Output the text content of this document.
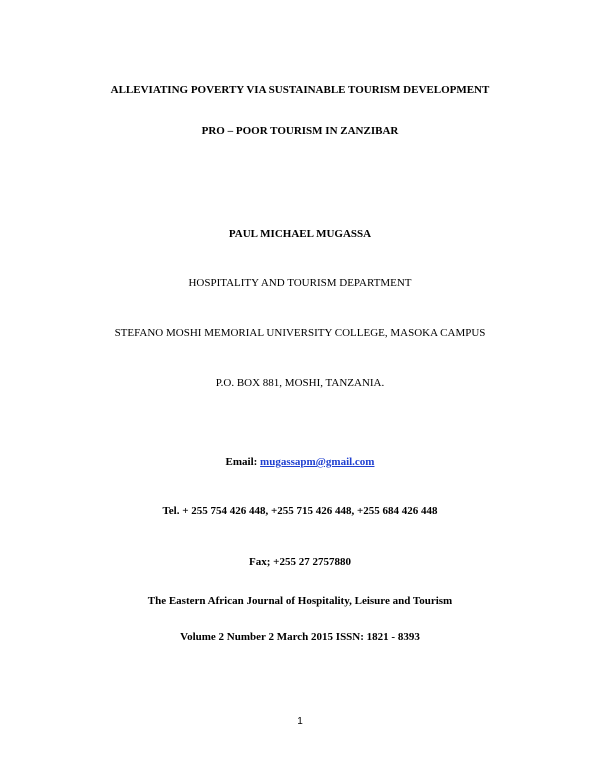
ALLEVIATING POVERTY VIA SUSTAINABLE TOURISM DEVELOPMENT
PRO – POOR TOURISM IN ZANZIBAR
PAUL MICHAEL MUGASSA
HOSPITALITY AND TOURISM DEPARTMENT
STEFANO MOSHI MEMORIAL UNIVERSITY COLLEGE, MASOKA CAMPUS
P.O. BOX 881, MOSHI, TANZANIA.
Email: mugassapm@gmail.com
Tel. + 255 754 426 448, +255 715 426 448, +255 684 426 448
Fax; +255 27 2757880
The Eastern African Journal of Hospitality, Leisure and Tourism
Volume 2 Number 2 March 2015 ISSN: 1821 - 8393
1
